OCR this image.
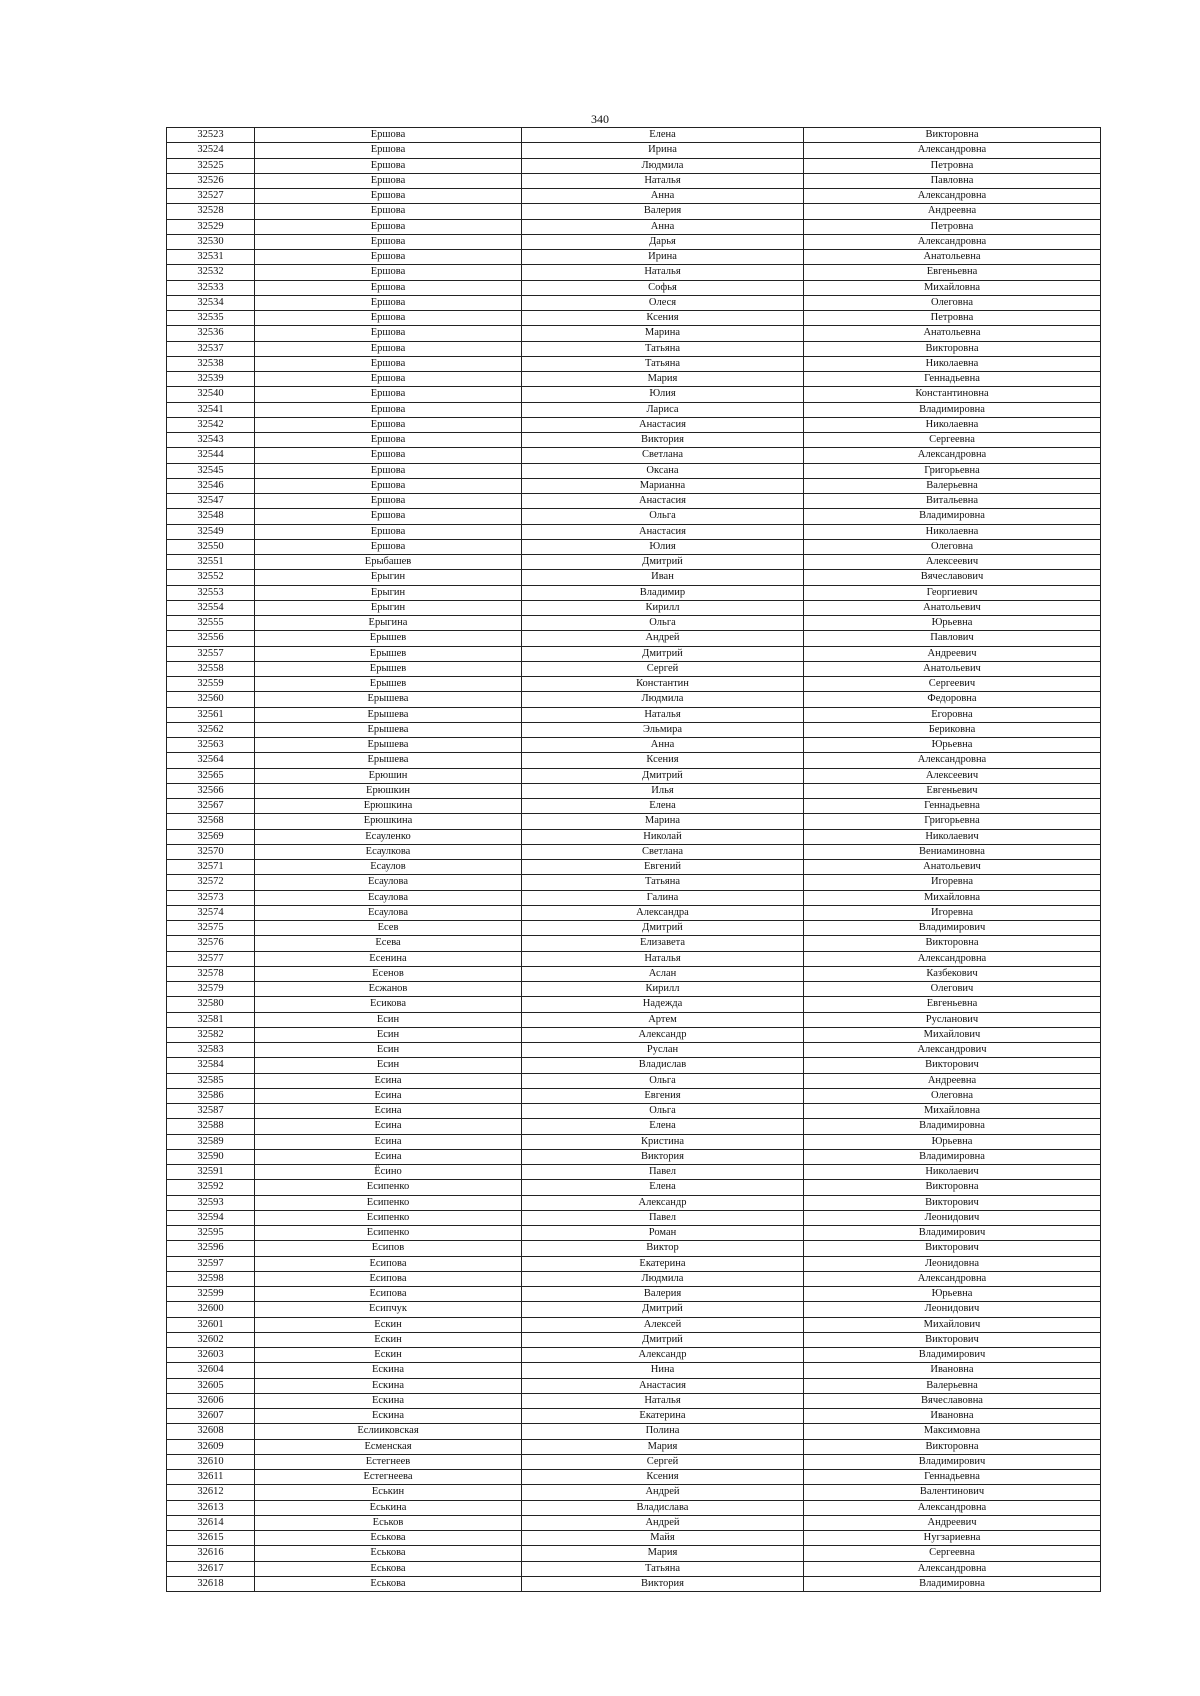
340
32523	Ершова	Елена	Викторовна
32524	Ершова	Ирина	Александровна
32525	Ершова	Людмила	Петровна
32526	Ершова	Наталья	Павловна
32527	Ершова	Анна	Александровна
32528	Ершова	Валерия	Андреевна
32529	Ершова	Анна	Петровна
32530	Ершова	Дарья	Александровна
32531	Ершова	Ирина	Анатольевна
32532	Ершова	Наталья	Евгеньевна
32533	Ершова	Софья	Михайловна
32534	Ершова	Олеся	Олеговна
32535	Ершова	Ксения	Петровна
32536	Ершова	Марина	Анатольевна
32537	Ершова	Татьяна	Викторовна
32538	Ершова	Татьяна	Николаевна
32539	Ершова	Мария	Геннадьевна
32540	Ершова	Юлия	Константиновна
32541	Ершова	Лариса	Владимировна
32542	Ершова	Анастасия	Николаевна
32543	Ершова	Виктория	Сергеевна
32544	Ершова	Светлана	Александровна
32545	Ершова	Оксана	Григорьевна
32546	Ершова	Марианна	Валерьевна
32547	Ершова	Анастасия	Витальевна
32548	Ершова	Ольга	Владимировна
32549	Ершова	Анастасия	Николаевна
32550	Ершова	Юлия	Олеговна
32551	Ерыбашев	Дмитрий	Алексеевич
32552	Ерыгин	Иван	Вячеславович
32553	Ерыгин	Владимир	Георгиевич
32554	Ерыгин	Кирилл	Анатольевич
32555	Ерыгина	Ольга	Юрьевна
32556	Ерышев	Андрей	Павлович
32557	Ерышев	Дмитрий	Андреевич
32558	Ерышев	Сергей	Анатольевич
32559	Ерышев	Константин	Сергеевич
32560	Ерышева	Людмила	Федоровна
32561	Ерышева	Наталья	Егоровна
32562	Ерышева	Эльмира	Бериковна
32563	Ерышева	Анна	Юрьевна
32564	Ерышева	Ксения	Александровна
32565	Ерюшин	Дмитрий	Алексеевич
32566	Ерюшкин	Илья	Евгеньевич
32567	Ерюшкина	Елена	Геннадьевна
32568	Ерюшкина	Марина	Григорьевна
32569	Есауленко	Николай	Николаевич
32570	Есаулкова	Светлана	Вениаминовна
32571	Есаулов	Евгений	Анатольевич
32572	Есаулова	Татьяна	Игоревна
32573	Есаулова	Галина	Михайловна
32574	Есаулова	Александра	Игоревна
32575	Есев	Дмитрий	Владимирович
32576	Есева	Елизавета	Викторовна
32577	Есенина	Наталья	Александровна
32578	Есенов	Аслан	Казбекович
32579	Есжанов	Кирилл	Олегович
32580	Есикова	Надежда	Евгеньевна
32581	Есин	Артем	Русланович
32582	Есин	Александр	Михайлович
32583	Есин	Руслан	Александрович
32584	Есин	Владислав	Викторович
32585	Есина	Ольга	Андреевна
32586	Есина	Евгения	Олеговна
32587	Есина	Ольга	Михайловна
32588	Есина	Елена	Владимировна
32589	Есина	Кристина	Юрьевна
32590	Есина	Виктория	Владимировна
32591	Ёсино	Павел	Николаевич
32592	Есипенко	Елена	Викторовна
32593	Есипенко	Александр	Викторович
32594	Есипенко	Павел	Леонидович
32595	Есипенко	Роман	Владимирович
32596	Есипов	Виктор	Викторович
32597	Есипова	Екатерина	Леонидовна
32598	Есипова	Людмила	Александровна
32599	Есипова	Валерия	Юрьевна
32600	Есипчук	Дмитрий	Леонидович
32601	Ескин	Алексей	Михайлович
32602	Ескин	Дмитрий	Викторович
32603	Ескин	Александр	Владимирович
32604	Ескина	Нина	Ивановна
32605	Ескина	Анастасия	Валерьевна
32606	Ескина	Наталья	Вячеславовна
32607	Ескина	Екатерина	Ивановна
32608	Еслииковская	Полина	Максимовна
32609	Есменская	Мария	Викторовна
32610	Естегнеев	Сергей	Владимирович
32611	Естегнеева	Ксения	Геннадьевна
32612	Еськин	Андрей	Валентинович
32613	Еськина	Владислава	Александровна
32614	Еськов	Андрей	Андреевич
32615	Еськова	Майя	Нугзариевна
32616	Еськова	Мария	Сергеевна
32617	Еськова	Татьяна	Александровна
32618	Еськова	Виктория	Владимировна
